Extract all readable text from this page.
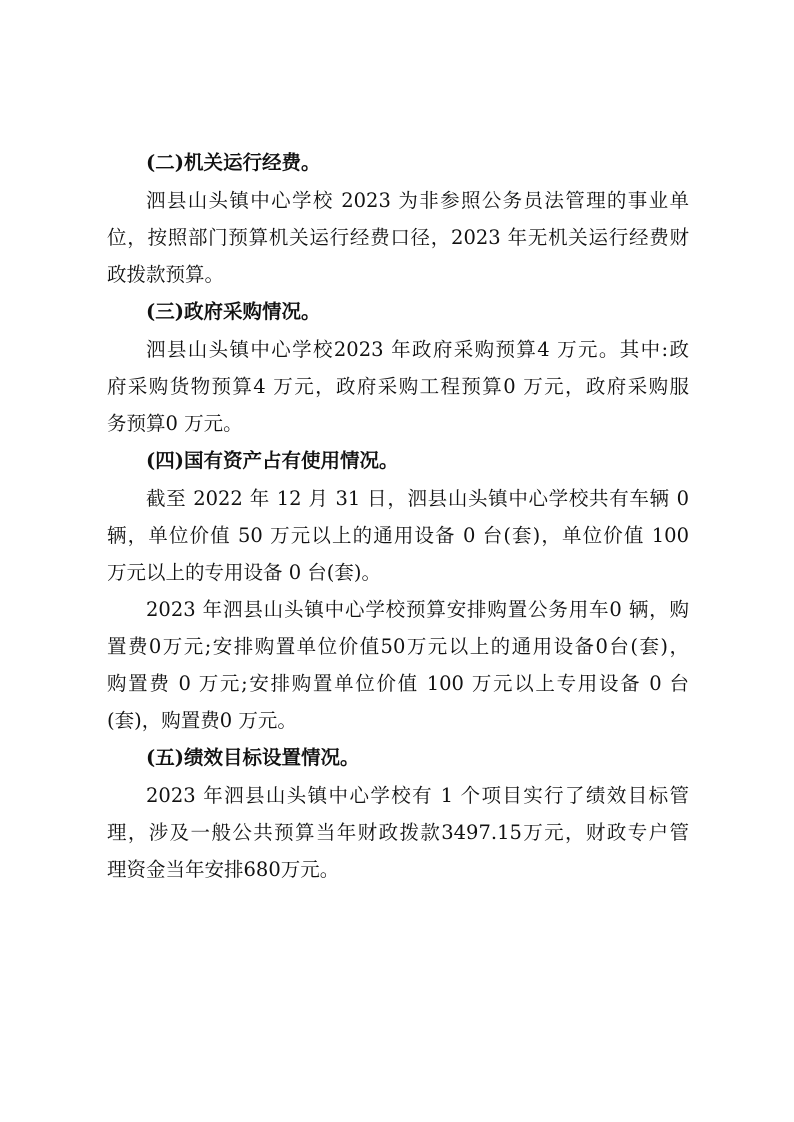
(二)机关运行经费。

泗县山头镇中心学校 2023 为非参照公务员法管理的事业单
位，按照部门预算机关运行经费口径，2023 年无机关运行经费财
政拨款预算。

(三)政府采购情况。

泗县山头镇中心学校2023 年政府采购预算4 万元。其中:政
府采购货物预算4 万元，政府采购工程预算0 万元，政府采购服
务预算0 万元。

(四)国有资产占有使用情况。

截至 2022 年 12 月 31 日，泗县山头镇中心学校共有车辆 0
辆，单位价值 50 万元以上的通用设备 0 台(套)，单位价值 100
万元以上的专用设备 0 台(套)。
2023 年泗县山头镇中心学校预算安排购置公务用车0 辆，购
置费0万元;安排购置单位价值50万元以上的通用设备0台(套)，
购置费 0 万元;安排购置单位价值 100 万元以上专用设备 0 台
(套)，购置费0 万元。

(五)绩效目标设置情况。

2023 年泗县山头镇中心学校有 1 个项目实行了绩效目标管
理，涉及一般公共预算当年财政拨款3497.15万元，财政专户管
理资金当年安排680万元。
